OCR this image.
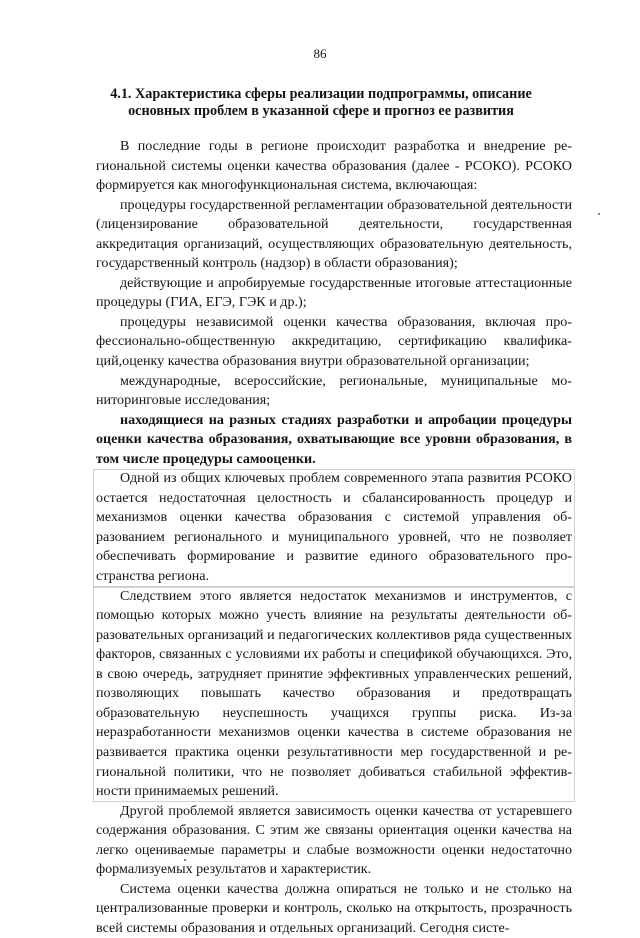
86
4.1. Характеристика сферы реализации подпрограммы, описание основных проблем в указанной сфере и прогноз ее развития

В последние годы в регионе происходит разработка и внедрение региональной системы оценки качества образования (далее - РСОКО). РСОКО формируется как многофункциональная система, включающая:

процедуры государственной регламентации образовательной деятельности (лицензирование образовательной деятельности, государственная аккредитация организаций, осуществляющих образовательную деятельность, государственный контроль (надзор) в области образования);

действующие и апробируемые государственные итоговые аттестационные процедуры (ГИА, ЕГЭ, ГЭК и др.);

процедуры независимой оценки качества образования, включая профессионально-общественную аккредитацию, сертификацию квалификаций,оценку качества образования внутри образовательной организации;

международные, всероссийские, региональные, муниципальные мониторинговые исследования;

находящиеся на разных стадиях разработки и апробации процедуры оценки качества образования, охватывающие все уровни образования, в том числе процедуры самооценки.

Одной из общих ключевых проблем современного этапа развития РСОКО остается недостаточная целостность и сбалансированность процедур и механизмов оценки качества образования с системой управления образованием регионального и муниципального уровней, что не позволяет обеспечивать формирование и развитие единого образовательного пространства региона.

Следствием этого является недостаток механизмов и инструментов, с помощью которых можно учесть влияние на результаты деятельности образовательных организаций и педагогических коллективов ряда существенных факторов, связанных с условиями их работы и спецификой обучающихся. Это, в свою очередь, затрудняет принятие эффективных управленческих решений, позволяющих повышать качество образования и предотвращать образовательную неуспешность учащихся группы риска. Из-за неразработанности механизмов оценки качества в системе образования не развивается практика оценки результативности мер государственной и региональной политики, что не позволяет добиваться стабильной эффективности принимаемых решений.

Другой проблемой является зависимость оценки качества от устаревшего содержания образования. С этим же связаны ориентация оценки качества на легко оцениваемые параметры и слабые возможности оценки недостаточно формализуемых результатов и характеристик.

Система оценки качества должна опираться не только и не столько на централизованные проверки и контроль, сколько на открытость, прозрачность всей системы образования и отдельных организаций. Сегодня систе-
